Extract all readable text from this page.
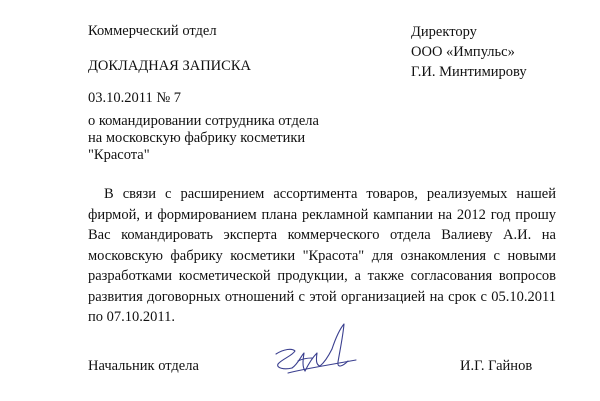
Коммерческий отдел	Директору
ООО «Импульс»
Г.И. Минтимирову
ДОКЛАДНАЯ ЗАПИСКА
03.10.2011 № 7
о командировании сотрудника отдела
на московскую фабрику косметики
"Красота"
В связи с расширением ассортимента товаров, реализуемых нашей фирмой, и формированием плана рекламной кампании на 2012 год прошу Вас командировать эксперта коммерческого отдела Валиеву А.И. на московскую фабрику косметики "Красота" для ознакомления с новыми разработками косметической продукции, а также согласования вопросов развития договорных отношений с этой организацией на срок с 05.10.2011 по 07.10.2011.
Начальник отдела	И.Г. Гайнов
